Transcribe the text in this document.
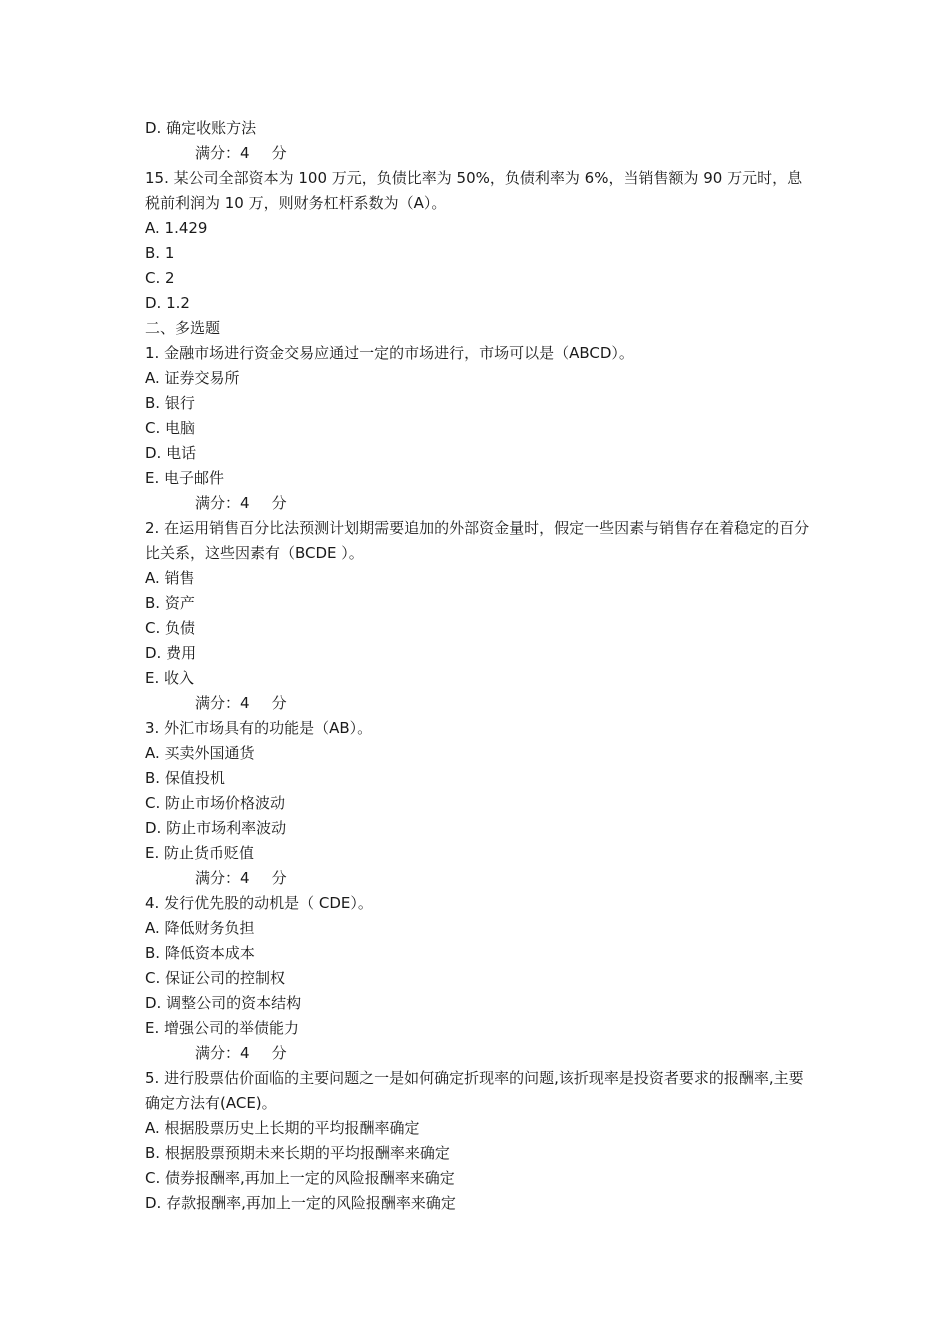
D. 确定收账方法
满分：4 分
15. 某公司全部资本为 100 万元，负债比率为 50%，负债利率为 6%，当销售额为 90 万元时，息税前利润为 10 万，则财务杠杆系数为（A）。
A. 1.429
B. 1
C. 2
D. 1.2
二、多选题
1. 金融市场进行资金交易应通过一定的市场进行，市场可以是（ABCD）。
A. 证券交易所
B. 银行
C. 电脑
D. 电话
E. 电子邮件
满分：4 分
2. 在运用销售百分比法预测计划期需要追加的外部资金量时，假定一些因素与销售存在着稳定的百分比关系，这些因素有（BCDE ）。
A. 销售
B. 资产
C. 负债
D. 费用
E. 收入
满分：4 分
3. 外汇市场具有的功能是（AB）。
A. 买卖外国通货
B. 保值投机
C. 防止市场价格波动
D. 防止市场利率波动
E. 防止货币贬值
满分：4 分
4. 发行优先股的动机是（ CDE）。
A. 降低财务负担
B. 降低资本成本
C. 保证公司的控制权
D. 调整公司的资本结构
E. 增强公司的举债能力
满分：4 分
5. 进行股票估价面临的主要问题之一是如何确定折现率的问题,该折现率是投资者要求的报酬率,主要确定方法有(ACE)。
A. 根据股票历史上长期的平均报酬率确定
B. 根据股票预期未来长期的平均报酬率来确定
C. 债券报酬率,再加上一定的风险报酬率来确定
D. 存款报酬率,再加上一定的风险报酬率来确定
